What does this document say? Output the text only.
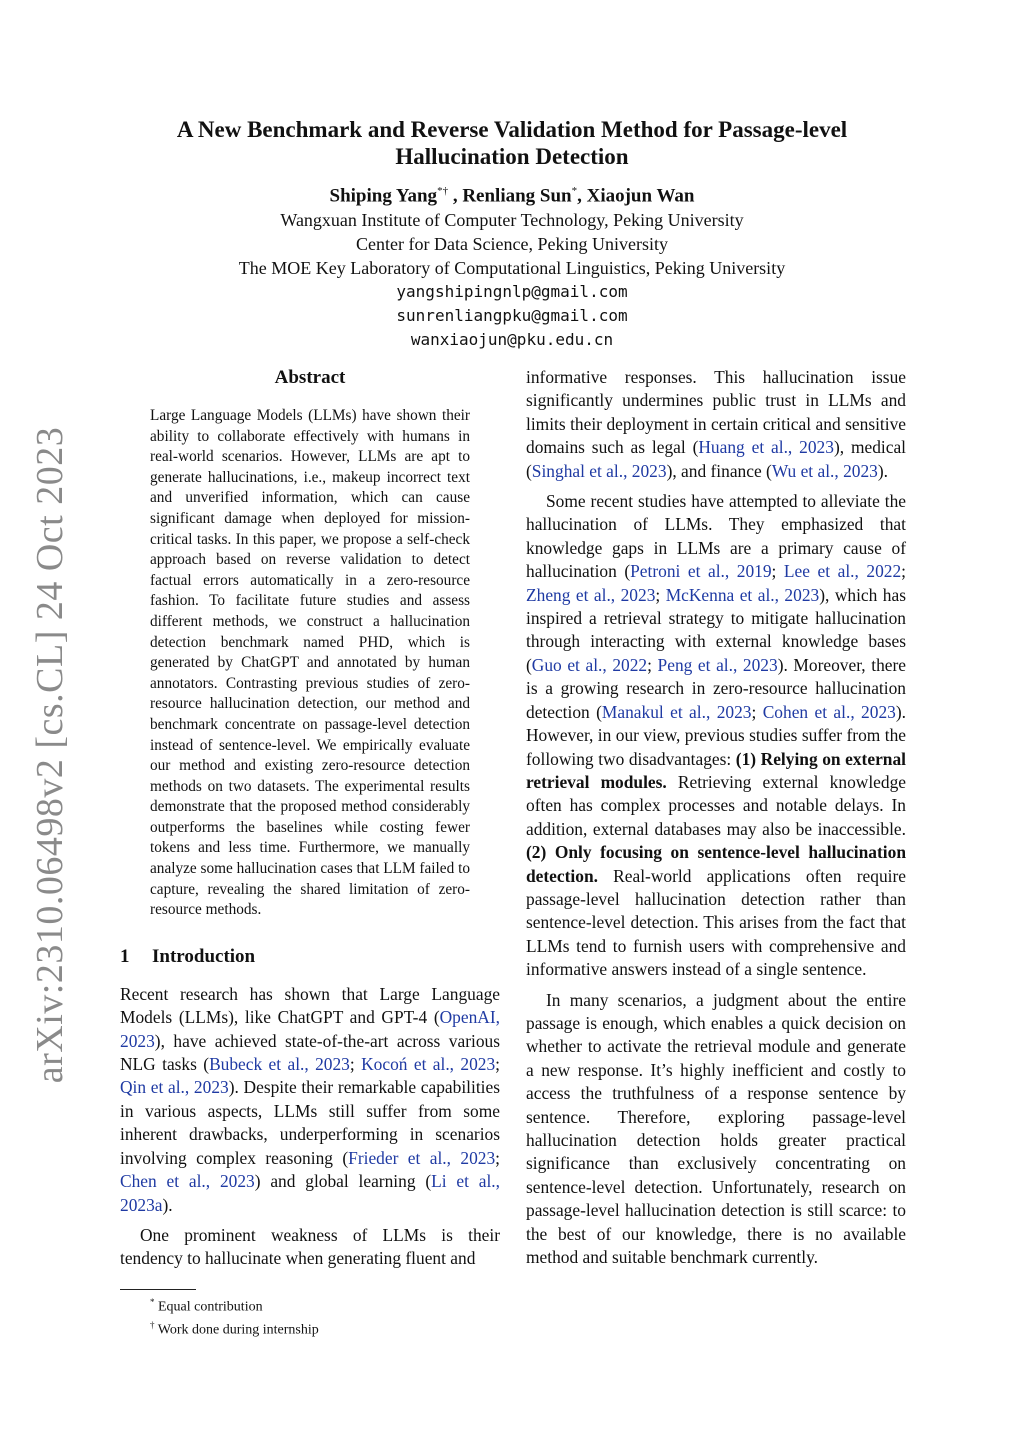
arXiv:2310.06498v2 [cs.CL] 24 Oct 2023
A New Benchmark and Reverse Validation Method for Passage-level
Hallucination Detection
Shiping Yang*† , Renliang Sun*, Xiaojun Wan
Wangxuan Institute of Computer Technology, Peking University
Center for Data Science, Peking University
The MOE Key Laboratory of Computational Linguistics, Peking University
yangshipingnlp@gmail.com
sunrenliangpku@gmail.com
wanxiaojun@pku.edu.cn
Abstract
Large Language Models (LLMs) have shown their ability to collaborate effectively with humans in real-world scenarios. However, LLMs are apt to generate hallucinations, i.e., makeup incorrect text and unverified information, which can cause significant damage when deployed for mission-critical tasks. In this paper, we propose a self-check approach based on reverse validation to detect factual errors automatically in a zero-resource fashion. To facilitate future studies and assess different methods, we construct a hallucination detection benchmark named PHD, which is generated by ChatGPT and annotated by human annotators. Contrasting previous studies of zero-resource hallucination detection, our method and benchmark concentrate on passage-level detection instead of sentence-level. We empirically evaluate our method and existing zero-resource detection methods on two datasets. The experimental results demonstrate that the proposed method considerably outperforms the baselines while costing fewer tokens and less time. Furthermore, we manually analyze some hallucination cases that LLM failed to capture, revealing the shared limitation of zero-resource methods.
1 Introduction

Recent research has shown that Large Language Models (LLMs), like ChatGPT and GPT-4 (OpenAI, 2023), have achieved state-of-the-art across various NLG tasks (Bubeck et al., 2023; Kocoń et al., 2023; Qin et al., 2023). Despite their remarkable capabilities in various aspects, LLMs still suffer from some inherent drawbacks, underperforming in scenarios involving complex reasoning (Frieder et al., 2023; Chen et al., 2023) and global learning (Li et al., 2023a).

One prominent weakness of LLMs is their tendency to hallucinate when generating fluent and

* Equal contribution
† Work done during internship

informative responses. This hallucination issue significantly undermines public trust in LLMs and limits their deployment in certain critical and sensitive domains such as legal (Huang et al., 2023), medical (Singhal et al., 2023), and finance (Wu et al., 2023).

Some recent studies have attempted to alleviate the hallucination of LLMs. They emphasized that knowledge gaps in LLMs are a primary cause of hallucination (Petroni et al., 2019; Lee et al., 2022; Zheng et al., 2023; McKenna et al., 2023), which has inspired a retrieval strategy to mitigate hallucination through interacting with external knowledge bases (Guo et al., 2022; Peng et al., 2023). Moreover, there is a growing research in zero-resource hallucination detection (Manakul et al., 2023; Cohen et al., 2023). However, in our view, previous studies suffer from the following two disadvantages: (1) Relying on external retrieval modules. Retrieving external knowledge often has complex processes and notable delays. In addition, external databases may also be inaccessible. (2) Only focusing on sentence-level hallucination detection. Real-world applications often require passage-level hallucination detection rather than sentence-level detection. This arises from the fact that LLMs tend to furnish users with comprehensive and informative answers instead of a single sentence.

In many scenarios, a judgment about the entire passage is enough, which enables a quick decision on whether to activate the retrieval module and generate a new response. It’s highly inefficient and costly to access the truthfulness of a response sentence by sentence. Therefore, exploring passage-level hallucination detection holds greater practical significance than exclusively concentrating on sentence-level detection. Unfortunately, research on passage-level hallucination detection is still scarce: to the best of our knowledge, there is no available method and suitable benchmark currently.
